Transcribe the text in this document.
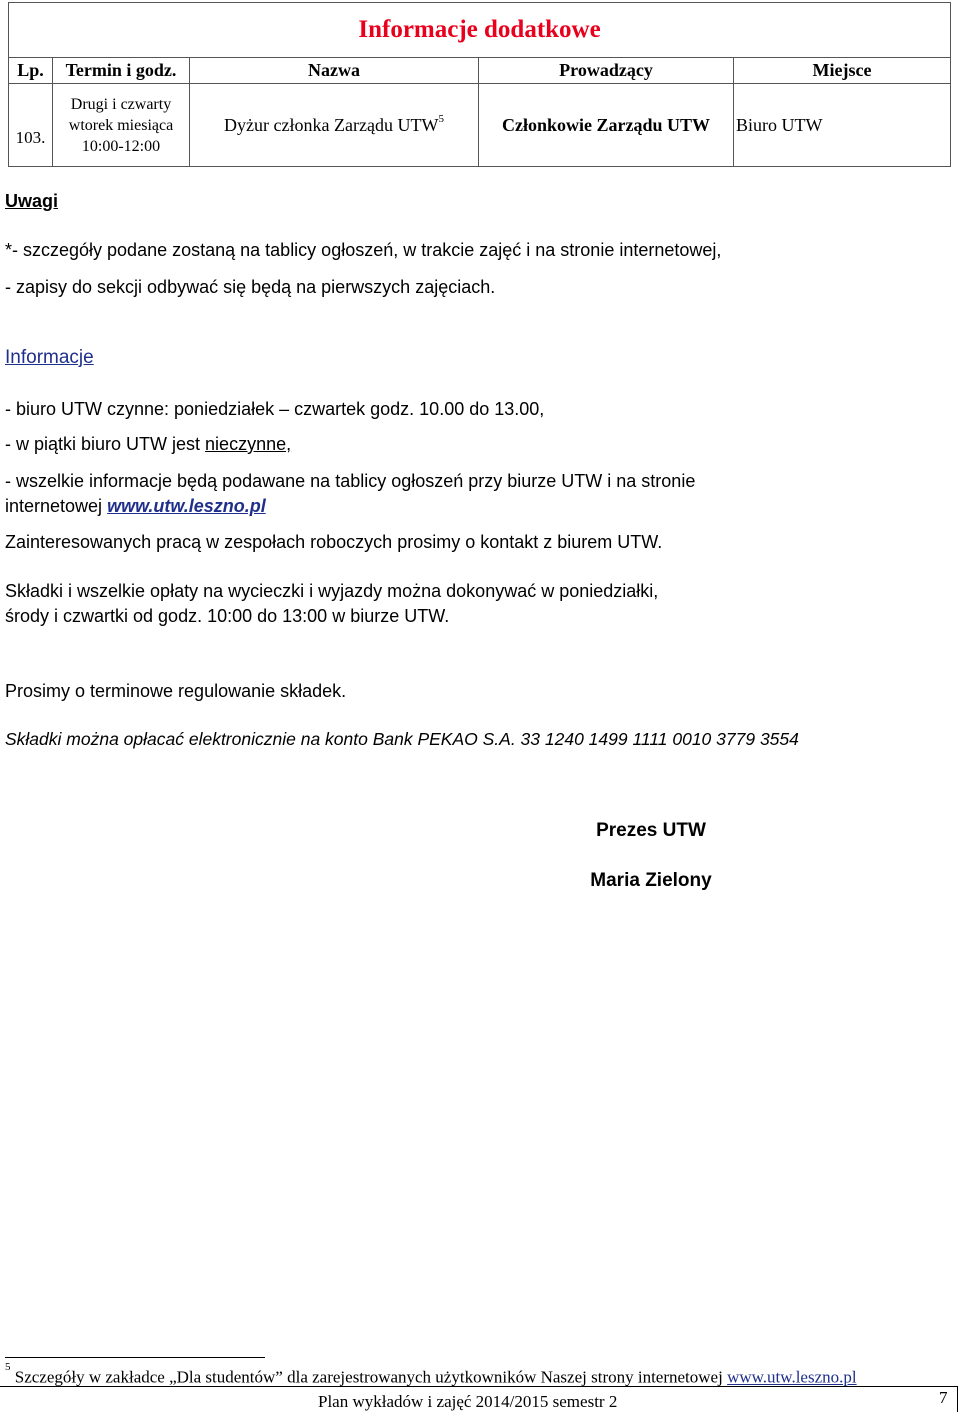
Informacje dodatkowe				
Lp.	Termin i godz.	Nazwa	Prowadzący	Miejsce
103.	Drugi i czwarty
wtorek miesiąca
10:00-12:00	Dyżur członka Zarządu UTW$^5$	Członkowie Zarządu UTW	Biuro UTW

Uwagi

*- szczegóły podane zostaną na tablicy ogłoszeń, w trakcie zajęć i na stronie internetowej,

- zapisy do sekcji odbywać się będą na pierwszych zajęciach.

Informacje

- biuro UTW czynne: poniedziałek – czwartek godz. 10.00 do 13.00,

- w piątki biuro UTW jest nieczynne,

- wszelkie informacje będą podawane na tablicy ogłoszeń przy biurze UTW i na stronie

internetowej www.utw.leszno.pl

Zainteresowanych pracą w zespołach roboczych prosimy o kontakt z biurem UTW.

Składki i wszelkie opłaty na wycieczki i wyjazdy można dokonywać w poniedziałki,

środy i czwartki od godz. 10:00 do 13:00 w biurze UTW.

Prosimy o terminowe regulowanie składek.

Składki można opłacać elektronicznie na konto Bank PEKAO S.A. 33 1240 1499 1111 0010 3779 3554

Prezes UTW

Maria Zielony

$^5$ Szczegóły w zakładce „Dla studentów” dla zarejestrowanych użytkowników Naszej strony internetowej www.utw.leszno.pl
Plan wykładów i zajęć 2014/2015 semestr 2	7
